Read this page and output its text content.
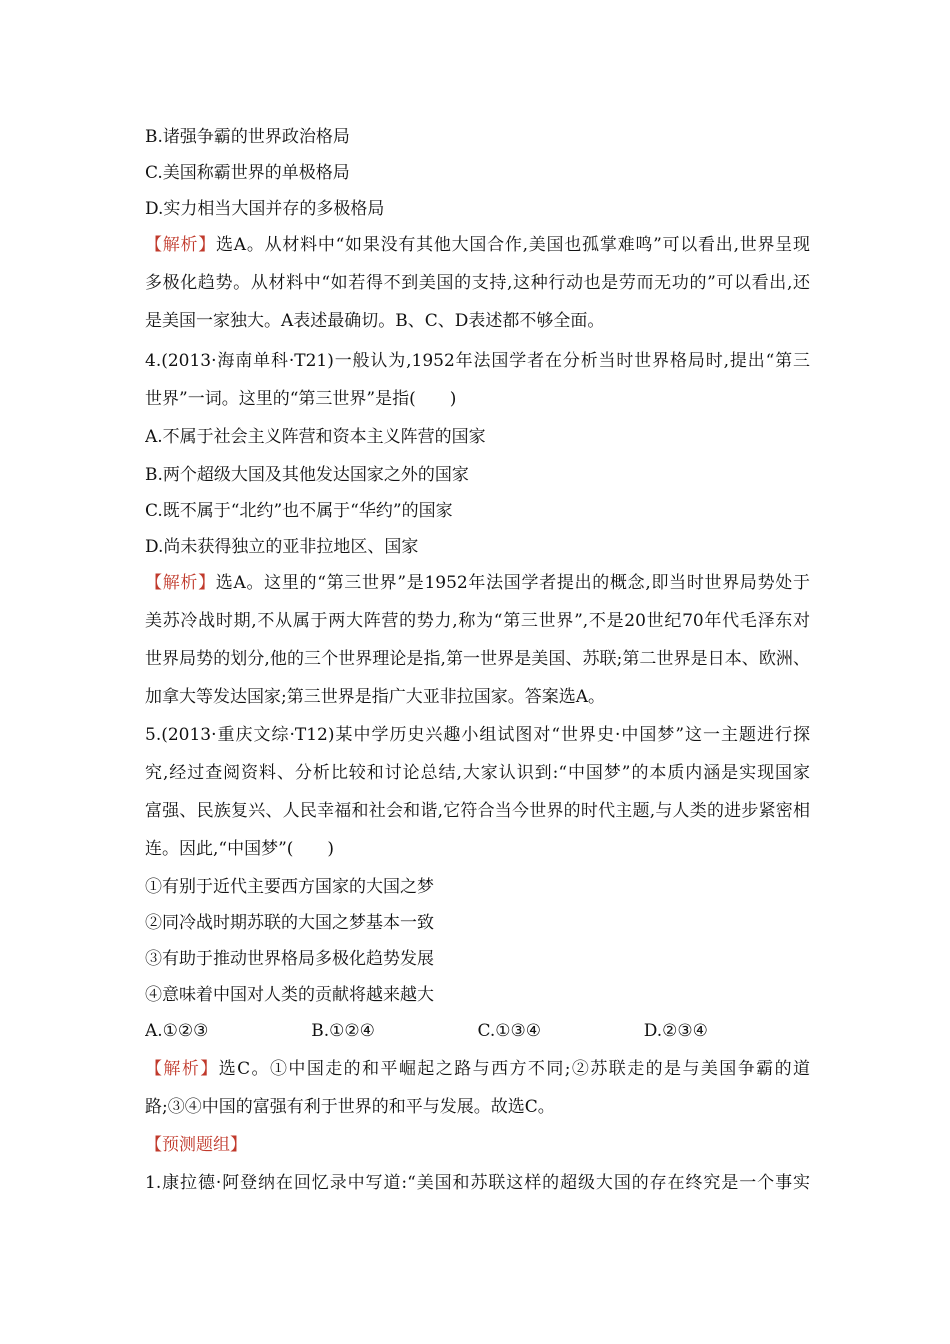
B.诸强争霸的世界政治格局
C.美国称霸世界的单极格局
D.实力相当大国并存的多极格局
【解析】选A。从材料中“如果没有其他大国合作,美国也孤掌难鸣”可以看出,世界呈现
多极化趋势。从材料中“如若得不到美国的支持,这种行动也是劳而无功的”可以看出,还
是美国一家独大。A表述最确切。B、C、D表述都不够全面。
4.(2013·海南单科·T21)一般认为,1952年法国学者在分析当时世界格局时,提出“第三
世界”一词。这里的“第三世界”是指(　　)
A.不属于社会主义阵营和资本主义阵营的国家
B.两个超级大国及其他发达国家之外的国家
C.既不属于“北约”也不属于“华约”的国家
D.尚未获得独立的亚非拉地区、国家
【解析】选A。这里的“第三世界”是1952年法国学者提出的概念,即当时世界局势处于
美苏冷战时期,不从属于两大阵营的势力,称为“第三世界”,不是20世纪70年代毛泽东对
世界局势的划分,他的三个世界理论是指,第一世界是美国、苏联;第二世界是日本、欧洲、
加拿大等发达国家;第三世界是指广大亚非拉国家。答案选A。
5.(2013·重庆文综·T12)某中学历史兴趣小组试图对“世界史·中国梦”这一主题进行探
究,经过查阅资料、分析比较和讨论总结,大家认识到:“中国梦”的本质内涵是实现国家
富强、民族复兴、人民幸福和社会和谐,它符合当今世界的时代主题,与人类的进步紧密相
连。因此,“中国梦”(　　)
①有别于近代主要西方国家的大国之梦
②同冷战时期苏联的大国之梦基本一致
③有助于推动世界格局多极化趋势发展
④意味着中国对人类的贡献将越来越大
A.①②③	B.①②④	C.①③④	D.②③④
【解析】选C。①中国走的和平崛起之路与西方不同;②苏联走的是与美国争霸的道
路;③④中国的富强有利于世界的和平与发展。故选C。
【预测题组】
1.康拉德·阿登纳在回忆录中写道:“美国和苏联这样的超级大国的存在终究是一个事实
